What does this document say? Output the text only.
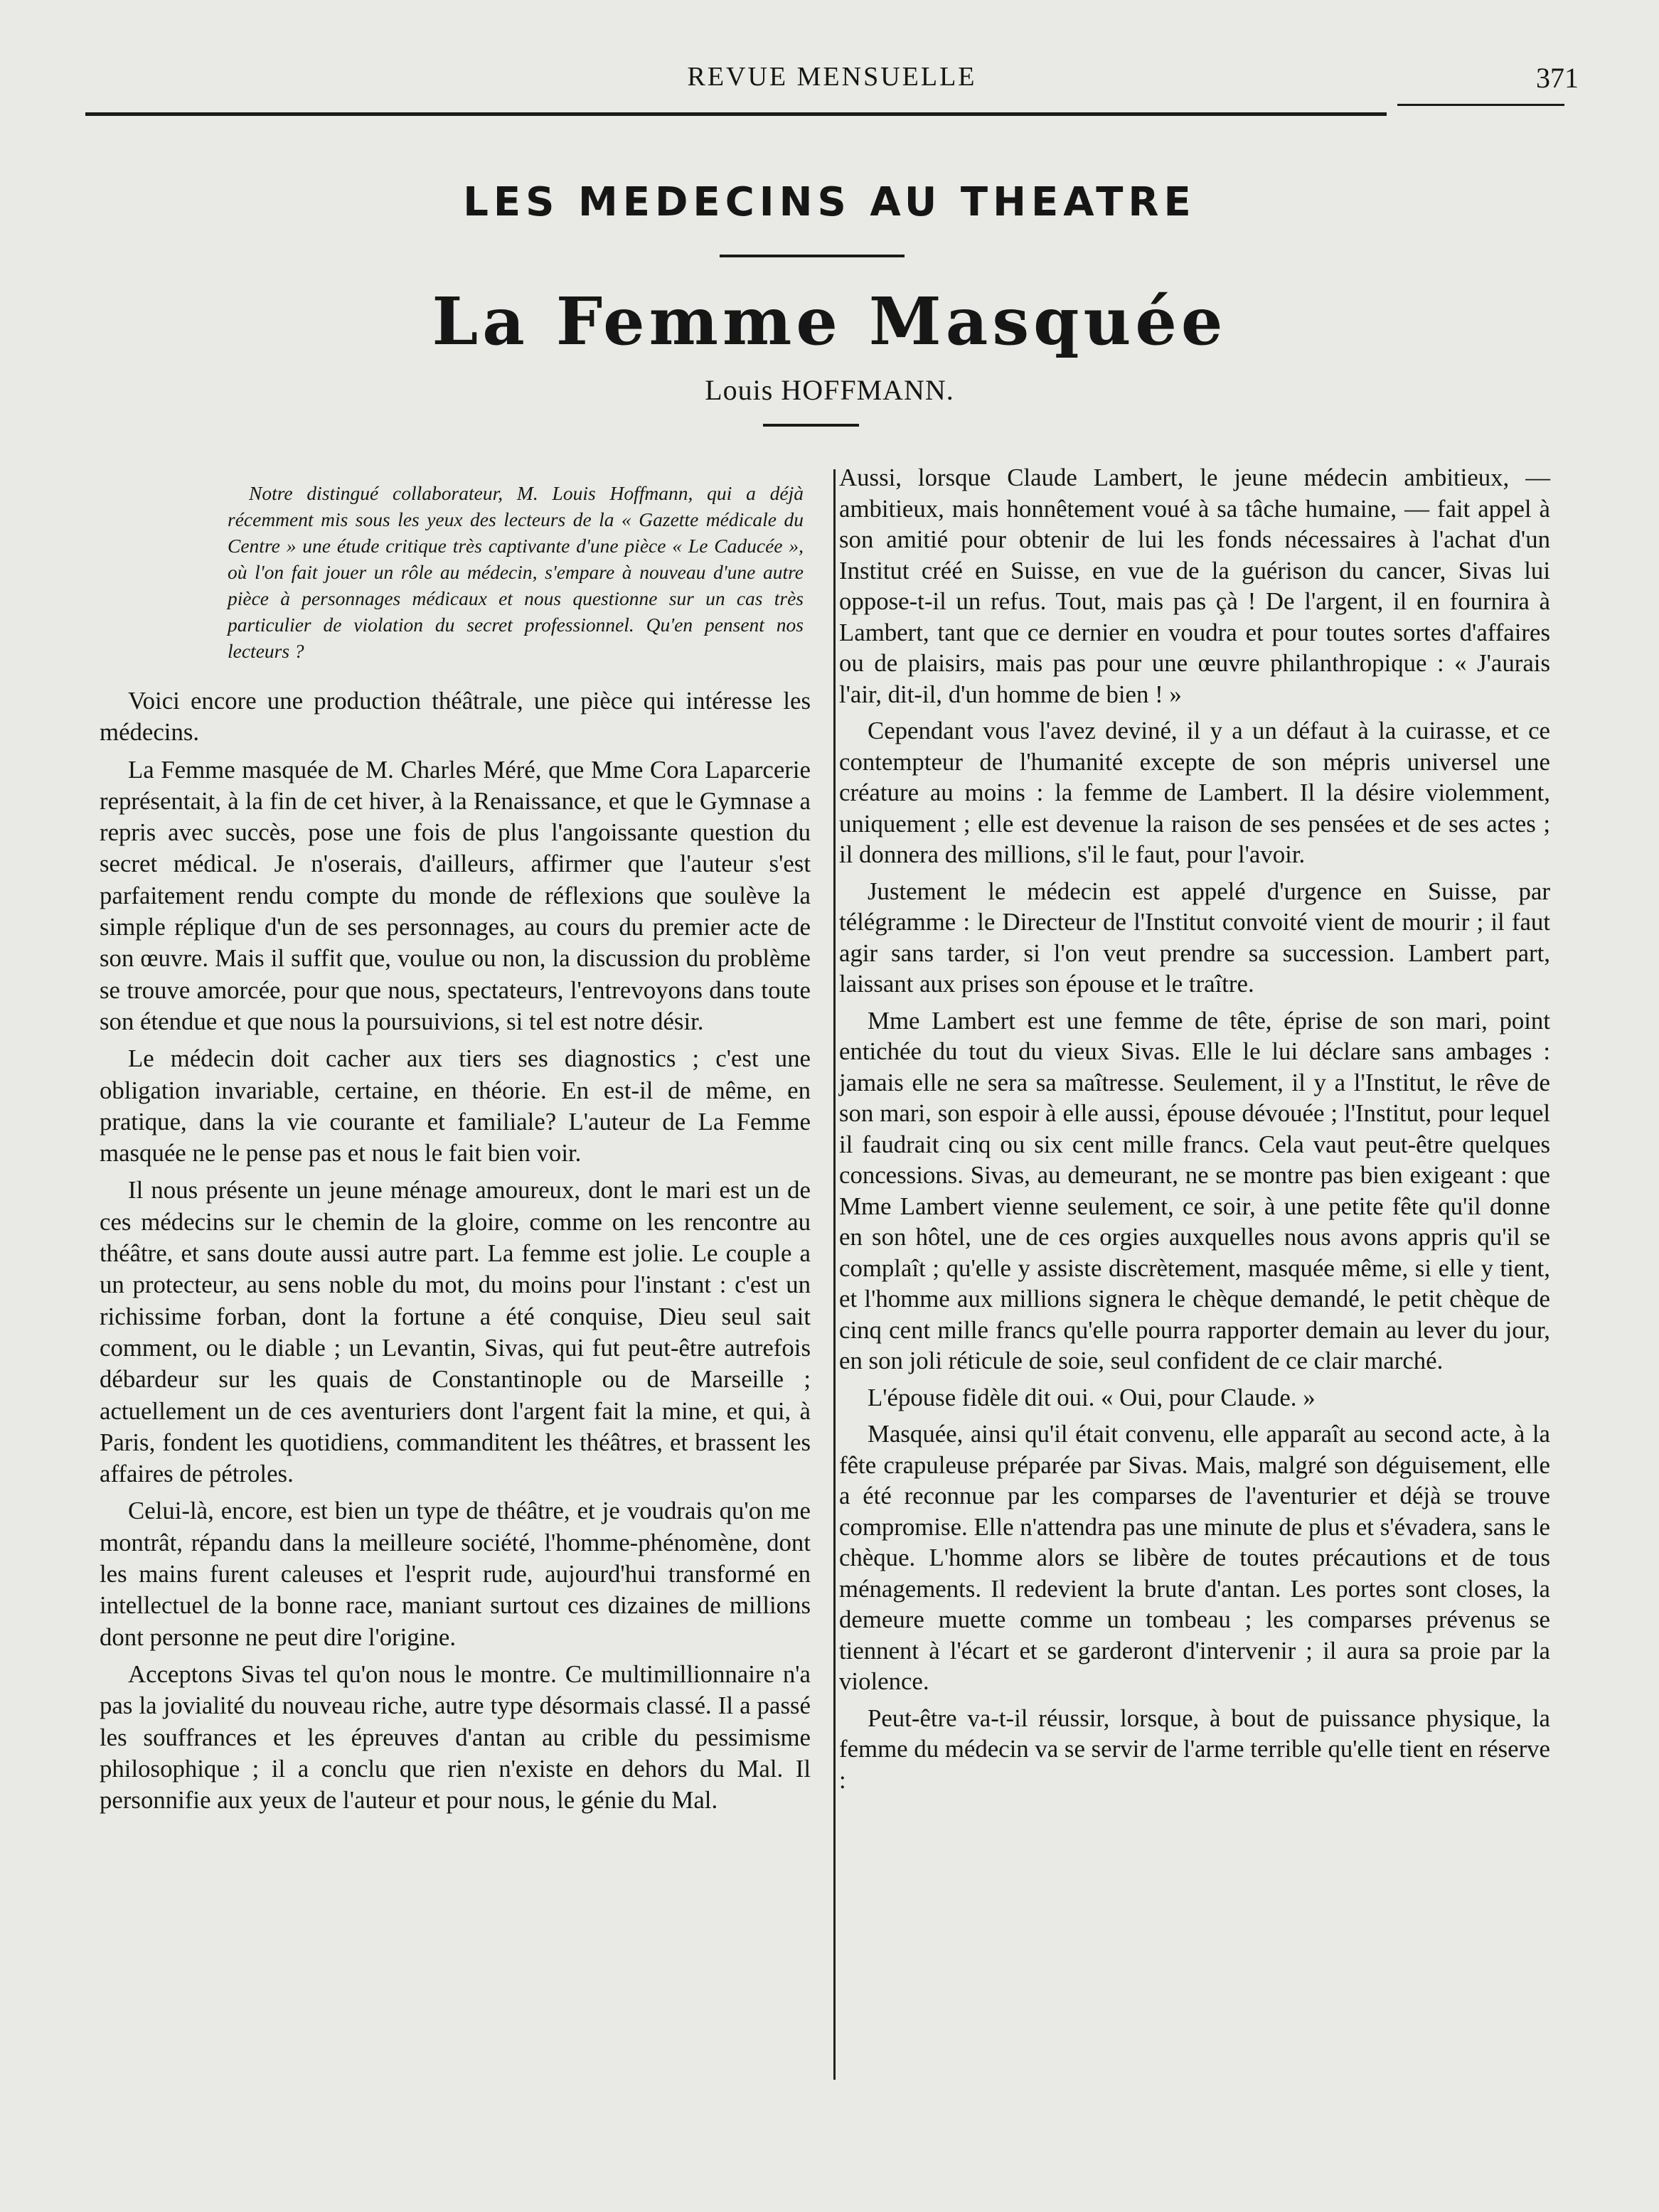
REVUE MENSUELLE	371
LES MEDECINS AU THEATRE
La Femme Masquée
Louis HOFFMANN.
Notre distingué collaborateur, M. Louis Hoffmann, qui a déjà récemment mis sous les yeux des lecteurs de la « Gazette médicale du Centre » une étude critique très captivante d'une pièce « Le Caducée », où l'on fait jouer un rôle au médecin, s'empare à nouveau d'une autre pièce à personnages médicaux et nous questionne sur un cas très particulier de violation du secret professionnel. Qu'en pensent nos lecteurs ?

Voici encore une production théâtrale, une pièce qui intéresse les médecins.

La Femme masquée de M. Charles Méré, que Mme Cora Laparcerie représentait, à la fin de cet hiver, à la Renaissance, et que le Gymnase a repris avec succès, pose une fois de plus l'angoissante question du secret médical. Je n'oserais, d'ailleurs, affirmer que l'auteur s'est parfaitement rendu compte du monde de réflexions que soulève la simple réplique d'un de ses personnages, au cours du premier acte de son œuvre. Mais il suffit que, voulue ou non, la discussion du problème se trouve amorcée, pour que nous, spectateurs, l'entrevoyons dans toute son étendue et que nous la poursuivions, si tel est notre désir.

Le médecin doit cacher aux tiers ses diagnostics ; c'est une obligation invariable, certaine, en théorie. En est-il de même, en pratique, dans la vie courante et familiale? L'auteur de La Femme masquée ne le pense pas et nous le fait bien voir.

Il nous présente un jeune ménage amoureux, dont le mari est un de ces médecins sur le chemin de la gloire, comme on les rencontre au théâtre, et sans doute aussi autre part. La femme est jolie. Le couple a un protecteur, au sens noble du mot, du moins pour l'instant : c'est un richissime forban, dont la fortune a été conquise, Dieu seul sait comment, ou le diable ; un Levantin, Sivas, qui fut peut-être autrefois débardeur sur les quais de Constantinople ou de Marseille ; actuellement un de ces aventuriers dont l'argent fait la mine, et qui, à Paris, fondent les quotidiens, commanditent les théâtres, et brassent les affaires de pétroles.

Celui-là, encore, est bien un type de théâtre, et je voudrais qu'on me montrât, répandu dans la meilleure société, l'homme-phénomène, dont les mains furent caleuses et l'esprit rude, aujourd'hui transformé en intellectuel de la bonne race, maniant surtout ces dizaines de millions dont personne ne peut dire l'origine.

Acceptons Sivas tel qu'on nous le montre. Ce multimillionnaire n'a pas la jovialité du nouveau riche, autre type désormais classé. Il a passé les souffrances et les épreuves d'antan au crible du pessimisme philosophique ; il a conclu que rien n'existe en dehors du Mal. Il personnifie aux yeux de l'auteur et pour nous, le génie du Mal.

Aussi, lorsque Claude Lambert, le jeune médecin ambitieux, — ambitieux, mais honnêtement voué à sa tâche humaine, — fait appel à son amitié pour obtenir de lui les fonds nécessaires à l'achat d'un Institut créé en Suisse, en vue de la guérison du cancer, Sivas lui oppose-t-il un refus. Tout, mais pas çà ! De l'argent, il en fournira à Lambert, tant que ce dernier en voudra et pour toutes sortes d'affaires ou de plaisirs, mais pas pour une œuvre philanthropique : « J'aurais l'air, dit-il, d'un homme de bien ! »

Cependant vous l'avez deviné, il y a un défaut à la cuirasse, et ce contempteur de l'humanité excepte de son mépris universel une créature au moins : la femme de Lambert. Il la désire violemment, uniquement ; elle est devenue la raison de ses pensées et de ses actes ; il donnera des millions, s'il le faut, pour l'avoir.

Justement le médecin est appelé d'urgence en Suisse, par télégramme : le Directeur de l'Institut convoité vient de mourir ; il faut agir sans tarder, si l'on veut prendre sa succession. Lambert part, laissant aux prises son épouse et le traître.

Mme Lambert est une femme de tête, éprise de son mari, point entichée du tout du vieux Sivas. Elle le lui déclare sans ambages : jamais elle ne sera sa maîtresse. Seulement, il y a l'Institut, le rêve de son mari, son espoir à elle aussi, épouse dévouée ; l'Institut, pour lequel il faudrait cinq ou six cent mille francs. Cela vaut peut-être quelques concessions. Sivas, au demeurant, ne se montre pas bien exigeant : que Mme Lambert vienne seulement, ce soir, à une petite fête qu'il donne en son hôtel, une de ces orgies auxquelles nous avons appris qu'il se complaît ; qu'elle y assiste discrètement, masquée même, si elle y tient, et l'homme aux millions signera le chèque demandé, le petit chèque de cinq cent mille francs qu'elle pourra rapporter demain au lever du jour, en son joli réticule de soie, seul confident de ce clair marché.

L'épouse fidèle dit oui. « Oui, pour Claude. »

Masquée, ainsi qu'il était convenu, elle apparaît au second acte, à la fête crapuleuse préparée par Sivas. Mais, malgré son déguisement, elle a été reconnue par les comparses de l'aventurier et déjà se trouve compromise. Elle n'attendra pas une minute de plus et s'évadera, sans le chèque. L'homme alors se libère de toutes précautions et de tous ménagements. Il redevient la brute d'antan. Les portes sont closes, la demeure muette comme un tombeau ; les comparses prévenus se tiennent à l'écart et se garderont d'intervenir ; il aura sa proie par la violence.

Peut-être va-t-il réussir, lorsque, à bout de puissance physique, la femme du médecin va se servir de l'arme terrible qu'elle tient en réserve :
